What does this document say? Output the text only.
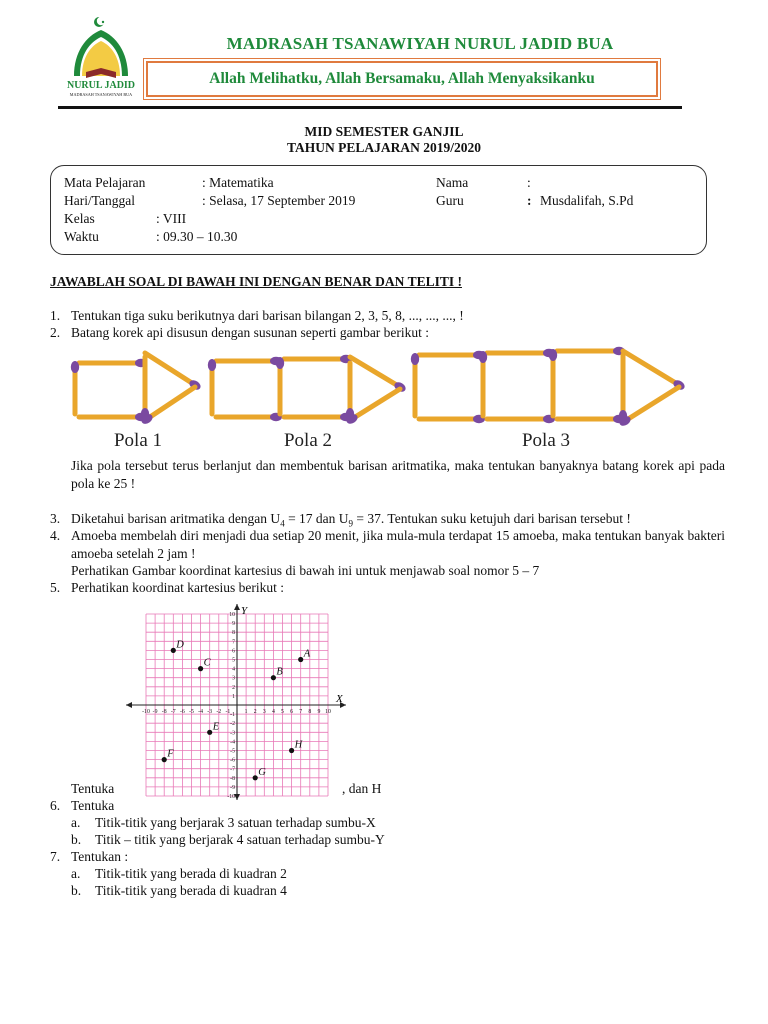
NURUL JADID
MADRASAH TSANAWIYAH BUA
MADRASAH TSANAWIYAH NURUL JADID BUA
Allah Melihatku, Allah Bersamaku, Allah Menyaksikanku
MID SEMESTER GANJIL
TAHUN PELAJARAN 2019/2020
Mata Pelajaran	: Matematika
Hari/Tanggal	: Selasa, 17 September 2019
Kelas	: VIII
Waktu	: 09.30 – 10.30
Nama	:
Guru	: Musdalifah, S.Pd
JAWABLAH SOAL DI BAWAH INI DENGAN BENAR DAN TELITI !
1. Tentukan tiga suku berikutnya dari barisan bilangan 2, 3, 5, 8, ..., ..., ..., !
2. Batang korek api disusun dengan susunan seperti gambar berikut :
Pola 1	Pola 2	Pola 3
Jika pola tersebut terus berlanjut dan membentuk barisan aritmatika, maka tentukan banyaknya batang korek api pada pola ke 25 !
3. Diketahui barisan aritmatika dengan $U_4 = 17$ dan $U_9 = 37$. Tentukan suku ketujuh dari barisan tersebut !
4. Amoeba membelah diri menjadi dua setiap 20 menit, jika mula-mula terdapat 15 amoeba, maka tentukan banyak bakteri amoeba setelah 2 jam !
Perhatikan Gambar koordinat kartesius di bawah ini untuk menjawab soal nomor 5 – 7
5. Perhatikan koordinat kartesius berikut :
X
Y
-10 -9 -8 -7 -6 -5 -4 -3 -2 -1 1 2 3 4 5 6 7 8 9 10
10
9
8
7
6
5
4
3
2
1
-1
-2
-3
-4
-5
-6
-7
-8
-9
-10
A
B
C
D
E
F
G
H
Tentuka	, dan H
6. Tentuka
a. Titik-titik yang berjarak 3 satuan terhadap sumbu-X
b. Titik – titik yang berjarak 4 satuan terhadap sumbu-Y
7. Tentukan :
a. Titik-titik yang berada di kuadran 2
b. Titik-titik yang berada di kuadran 4
